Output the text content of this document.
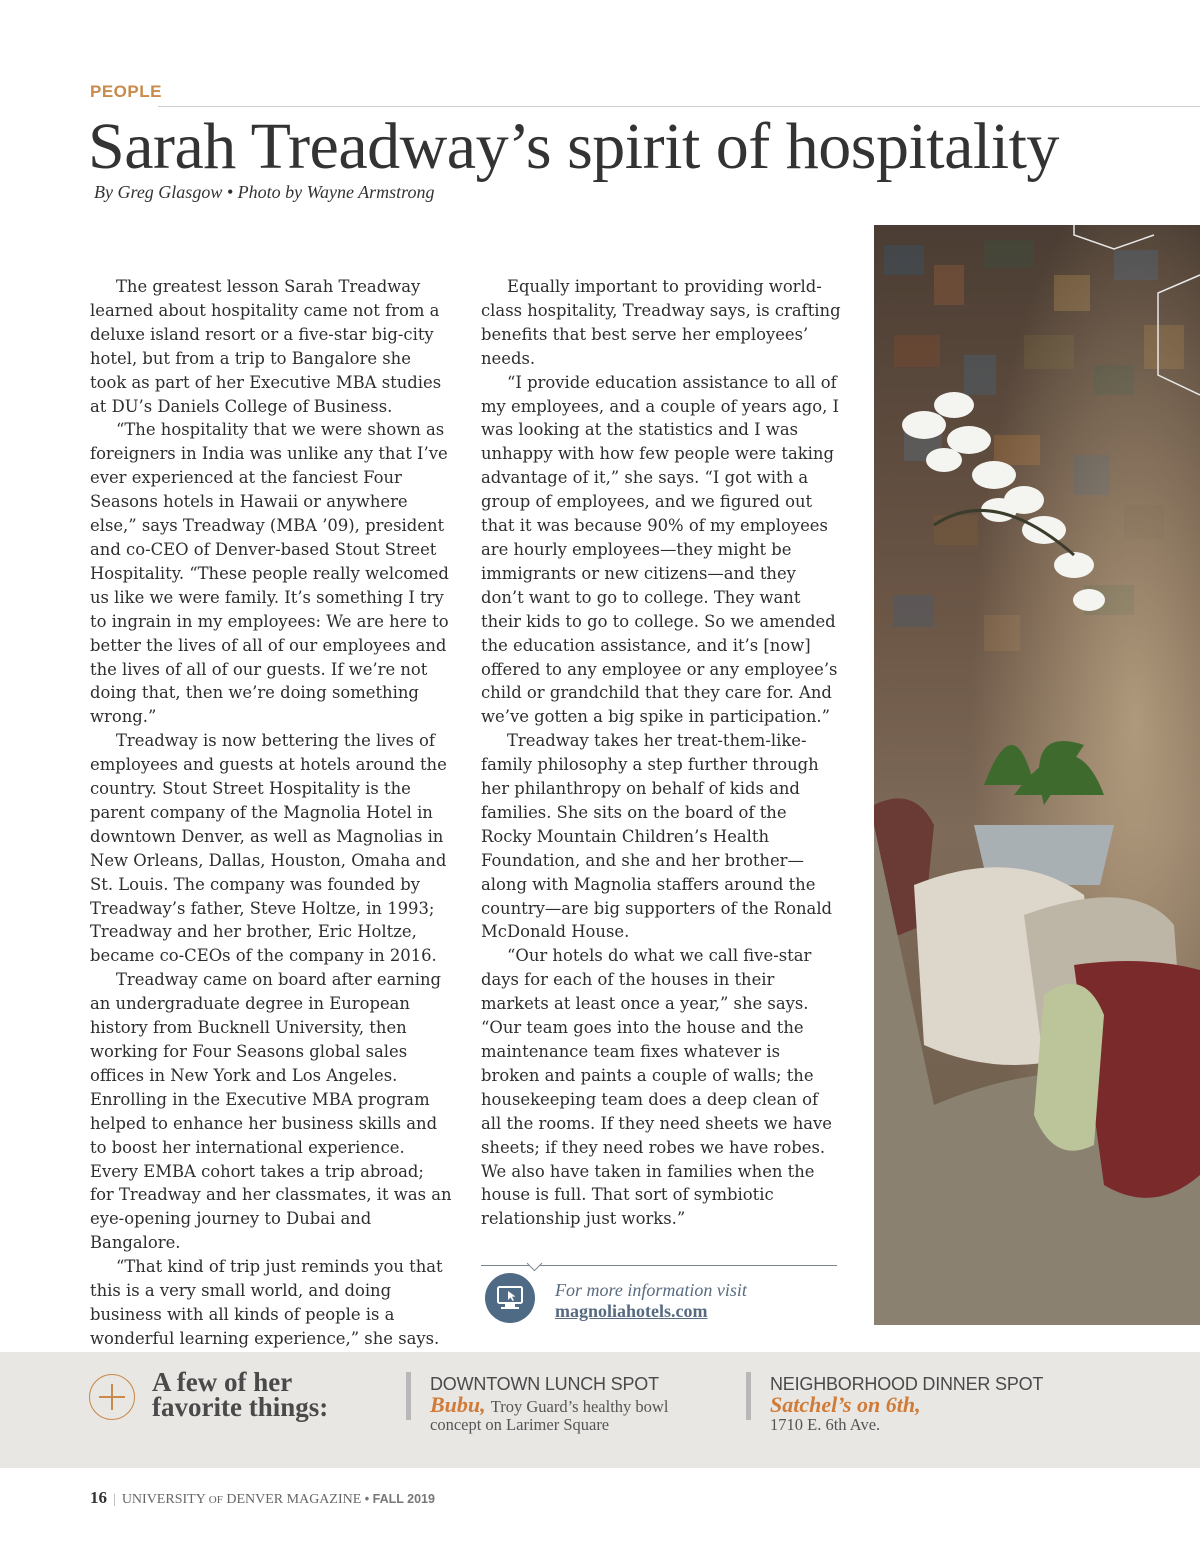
PEOPLE
Sarah Treadway’s spirit of hospitality
By Greg Glasgow • Photo by Wayne Armstrong

The greatest lesson Sarah Treadway learned about hospitality came not from a deluxe island resort or a five-star big-city hotel, but from a trip to Bangalore she took as part of her Executive MBA studies at DU’s Daniels College of Business.

“The hospitality that we were shown as foreigners in India was unlike any that I’ve ever experienced at the fanciest Four Seasons hotels in Hawaii or anywhere else,” says Treadway (MBA ’09), president and co-CEO of Denver-based Stout Street Hospitality. “These people really welcomed us like we were family. It’s something I try to ingrain in my employees: We are here to better the lives of all of our employees and the lives of all of our guests. If we’re not doing that, then we’re doing something wrong.”

Treadway is now bettering the lives of employees and guests at hotels around the country. Stout Street Hospitality is the parent company of the Magnolia Hotel in downtown Denver, as well as Magnolias in New Orleans, Dallas, Houston, Omaha and St. Louis. The company was founded by Treadway’s father, Steve Holtze, in 1993; Treadway and her brother, Eric Holtze, became co-CEOs of the company in 2016.

Treadway came on board after earning an undergraduate degree in European history from Bucknell University, then working for Four Seasons global sales offices in New York and Los Angeles. Enrolling in the Executive MBA program helped to enhance her business skills and to boost her international experience. Every EMBA cohort takes a trip abroad; for Treadway and her classmates, it was an eye-opening journey to Dubai and Bangalore.

“That kind of trip just reminds you that this is a very small world, and doing business with all kinds of people is a wonderful learning experience,” she says.

Equally important to providing world-class hospitality, Treadway says, is crafting benefits that best serve her employees’ needs.

“I provide education assistance to all of my employees, and a couple of years ago, I was looking at the statistics and I was unhappy with how few people were taking advantage of it,” she says. “I got with a group of employees, and we figured out that it was because 90% of my employees are hourly employees—they might be immigrants or new citizens—and they don’t want to go to college. They want their kids to go to college. So we amended the education assistance, and it’s [now] offered to any employee or any employee’s child or grandchild that they care for. And we’ve gotten a big spike in participation.”

Treadway takes her treat-them-like-family philosophy a step further through her philanthropy on behalf of kids and families. She sits on the board of the Rocky Mountain Children’s Health Foundation, and she and her brother—along with Magnolia staffers around the country—are big supporters of the Ronald McDonald House.

“Our hotels do what we call five-star days for each of the houses in their markets at least once a year,” she says. “Our team goes into the house and the maintenance team fixes whatever is broken and paints a couple of walls; the housekeeping team does a deep clean of all the rooms. If they need sheets we have sheets; if they need robes we have robes. We also have taken in families when the house is full. That sort of symbiotic relationship just works.”

For more information visit
magnoliahotels.com
A few of her
favorite things:
DOWNTOWN LUNCH SPOT
Bubu, Troy Guard’s healthy bowl
concept on Larimer Square
NEIGHBORHOOD DINNER SPOT
Satchel’s on 6th,
1710 E. 6th Ave.
16 | UNIVERSITY OF DENVER MAGAZINE • FALL 2019
